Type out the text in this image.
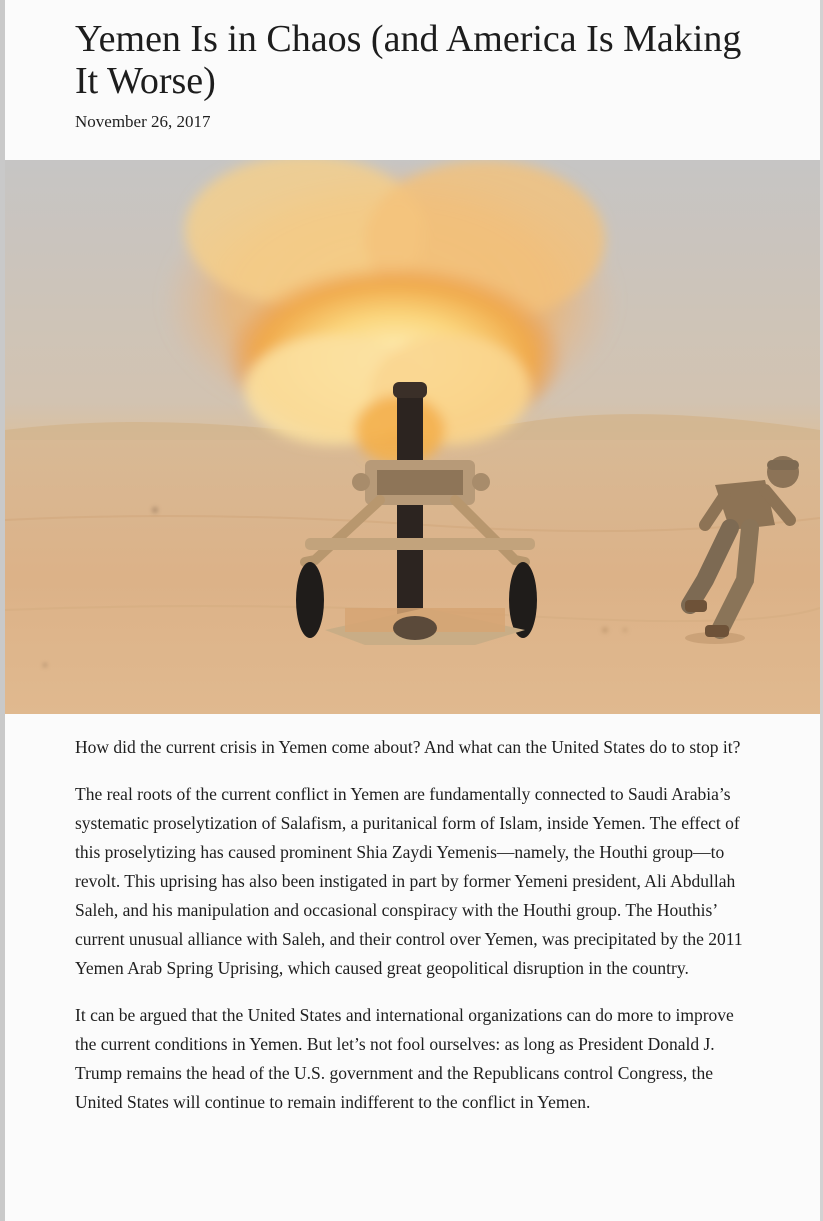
Yemen Is in Chaos (and America Is Making It Worse)
November 26, 2017

How did the current crisis in Yemen come about? And what can the United States do to stop it?

The real roots of the current conflict in Yemen are fundamentally connected to Saudi Arabia’s systematic proselytization of Salafism, a puritanical form of Islam, inside Yemen. The effect of this proselytizing has caused prominent Shia Zaydi Yemenis—namely, the Houthi group—to revolt. This uprising has also been instigated in part by former Yemeni president, Ali Abdullah Saleh, and his manipulation and occasional conspiracy with the Houthi group. The Houthis’ current unusual alliance with Saleh, and their control over Yemen, was precipitated by the 2011 Yemen Arab Spring Uprising, which caused great geopolitical disruption in the country.

It can be argued that the United States and international organizations can do more to improve the current conditions in Yemen. But let’s not fool ourselves: as long as President Donald J. Trump remains the head of the U.S. government and the Republicans control Congress, the United States will continue to remain indifferent to the conflict in Yemen.
